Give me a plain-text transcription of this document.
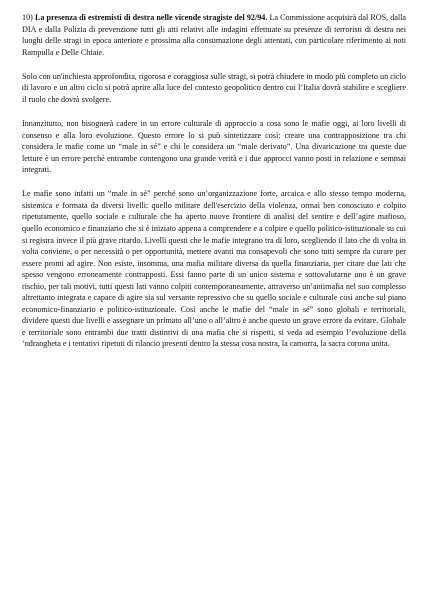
10) La presenza di estremisti di destra nelle vicende stragiste del 92/94. La Commissione acquisirà dal ROS, dalla DIA e dalla Polizia di prevenzione tutti gli atti relativi alle indagini effettuate su presenze di terroristi di destra nei luoghi delle stragi in epoca anteriore e prossima alla consumazione degli attentati, con particolare riferimento ai noti Rampulla e Delle Chiaie.

Solo con un'inchiesta approfondita, rigorosa e coraggiosa sulle stragi, si potrà chiudere in modo più completo un ciclo di lavoro e un altro ciclo si potrà aprire alla luce del contesto geopolitico dentro cui l’Italia dovrà stabilire e scegliere il ruolo che dovrà svolgere.

Innanzitutto, non bisognerà cadere in un errore culturale di approccio a cosa sono le mafie oggi, ai loro livelli di consenso e alla loro evoluzione. Questo errore lo si può sintetizzare così: creare una contrapposizione tra chi considera le mafie come un “male in sé” e chi le considera un “male derivato”. Una divaricazione tra queste due letture è un errore perché entrambe contengono una grande verità e i due approcci vanno posti in relazione e semmai integrati.

Le mafie sono infatti un “male in sé” perché sono un’organizzazione forte, arcaica e allo stesso tempo moderna, sistemica e formata da diversi livelli: quello militare dell'esercizio della violenza, ormai ben conosciuto e colpito ripetutamente, quello sociale e culturale che ha aperto nuove frontiere di analisi del sentire e dell’agire mafioso, quello economico e finanziario che si è iniziato appena a comprendere e a colpire e quello politico-istituzionale su cui si registra invece il più grave ritardo. Livelli questi che le mafie integrano tra di loro, scegliendo il lato che di volta in volta conviene, o per necessità o per opportunità, mettere avanti ma consapevoli che sono tutti sempre da curare per essere pronti ad agire. Non esiste, insomma, una mafia militare diversa da quella finanziaria, per citare due lati che spesso vengono erroneamente contrapposti. Essi fanno parte di un unico sistema e sottovalutarne uno è un grave rischio, per tali motivi, tutti questi lati vanno colpiti contemporaneamente, attraverso un’antimafia nel suo complesso altrettanto integrata e capace di agire sia sul versante repressivo che su quello sociale e culturale così anche sul piano economico-finanziario e politico-istituzionale. Così anche le mafie del “male in sé” sono globali e territoriali, dividere questi due livelli e assegnare un primato all’uno o all’altro è anche questo un grave errore da evitare. Globale e territoriale sono entrambi due tratti distintivi di una mafia che si rispetti, si veda ad esempio l’evoluzione della ‘ndrangheta e i tentativi ripetuti di rilancio presenti dentro la stessa cosa nostra, la camorra, la sacra corona unita.
